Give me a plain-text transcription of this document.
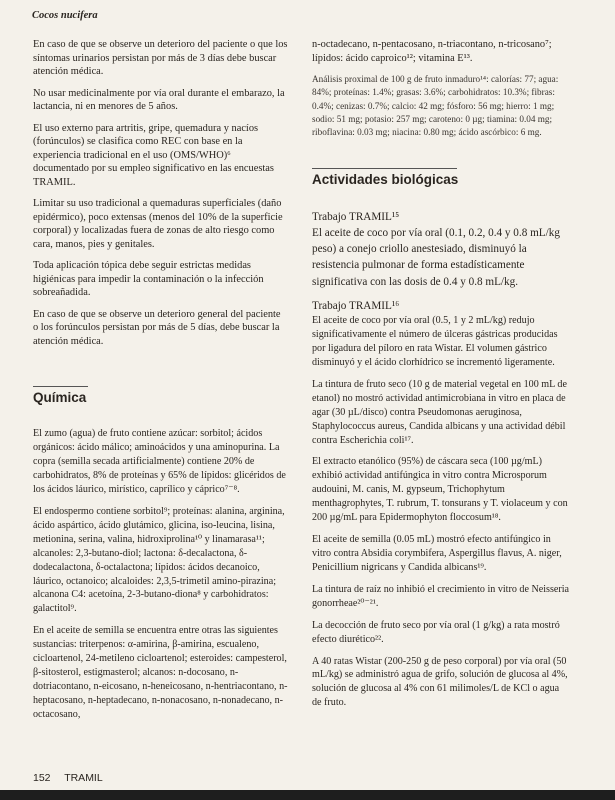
Cocos nucifera

En caso de que se observe un deterioro del paciente o que los síntomas urinarios persistan por más de 3 días debe buscar atención médica.

No usar medicinalmente por vía oral durante el embarazo, la lactancia, ni en menores de 5 años.

El uso externo para artritis, gripe, quemadura y nacíos (forúnculos) se clasifica como REC con base en la experiencia tradicional en el uso (OMS/WHO)⁶ documentado por su empleo significativo en las encuestas TRAMIL.

Limitar su uso tradicional a quemaduras superficiales (daño epidérmico), poco extensas (menos del 10% de la superficie corporal) y localizadas fuera de zonas de alto riesgo como cara, manos, pies y genitales.

Toda aplicación tópica debe seguir estrictas medidas higiénicas para impedir la contaminación o la infección sobreañadida.

En caso de que se observe un deterioro general del paciente o los forúnculos persistan por más de 5 días, debe buscar la atención médica.

Química

El zumo (agua) de fruto contiene azúcar: sorbitol; ácidos orgánicos: ácido málico; aminoácidos y una aminopurina. La copra (semilla secada artificialmente) contiene 20% de carbohidratos, 8% de proteínas y 65% de lípidos: glicéridos de los ácidos láurico, mirístico, caprílico y cáprico⁷⁻⁸.

El endospermo contiene sorbitol⁹; proteínas: alanina, arginina, ácido aspártico, ácido glutámico, glicina, iso-leucina, lisina, metionina, serina, valina, hidroxiprolina¹⁰ y linamarasa¹¹; alcanoles: 2,3-butano-diol; lactona: δ-decalactona, δ-dodecalactona, δ-octalactona; lípidos: ácidos decanoico, láurico, octanoico; alcaloides: 2,3,5-trimetil amino-pirazina; alcanona C4: acetoína, 2-3-butano-diona⁸ y carbohidratos: galactitol⁹.

En el aceite de semilla se encuentra entre otras las siguientes sustancias: triterpenos: α-amirina, β-amirina, escualeno, cicloartenol, 24-metileno cicloartenol; esteroides: campesterol, β-sitosterol, estigmasterol; alcanos: n-docosano, n-dotriacontano, n-eicosano, n-heneicosano, n-hentriacontano, n-heptacosano, n-heptadecano, n-nonacosano, n-nonadecano, n-octacosano,

n-octadecano, n-pentacosano, n-triacontano, n-tricosano⁷; lípidos: ácido caproico¹²; vitamina E¹³.

Análisis proximal de 100 g de fruto inmaduro¹⁴: calorías: 77; agua: 84%; proteínas: 1.4%; grasas: 3.6%; carbohidratos: 10.3%; fibras: 0.4%; cenizas: 0.7%; calcio: 42 mg; fósforo: 56 mg; hierro: 1 mg; sodio: 51 mg; potasio: 257 mg; caroteno: 0 µg; tiamina: 0.04 mg; riboflavina: 0.03 mg; niacina: 0.80 mg; ácido ascórbico: 6 mg.

Actividades biológicas

Trabajo TRAMIL¹⁵

El aceite de coco por vía oral (0.1, 0.2, 0.4 y 0.8 mL/kg peso) a conejo criollo anestesiado, disminuyó la resistencia pulmonar de forma estadísticamente significativa con las dosis de 0.4 y 0.8 mL/kg.

Trabajo TRAMIL¹⁶

El aceite de coco por vía oral (0.5, 1 y 2 mL/kg) redujo significativamente el número de úlceras gástricas producidas por ligadura del píloro en rata Wistar. El volumen gástrico disminuyó y el ácido clorhídrico se incrementó ligeramente.

La tintura de fruto seco (10 g de material vegetal en 100 mL de etanol) no mostró actividad antimicrobiana in vitro en placa de agar (30 µL/disco) contra Pseudomonas aeruginosa, Staphylococcus aureus, Candida albicans y una actividad débil contra Escherichia coli¹⁷.

El extracto etanólico (95%) de cáscara seca (100 µg/mL) exhibió actividad antifúngica in vitro contra Microsporum audouini, M. canis, M. gypseum, Trichophytum menthagrophytes, T. rubrum, T. tonsurans y T. violaceum y con 200 µg/mL para Epidermophyton floccosum¹⁸.

El aceite de semilla (0.05 mL) mostró efecto antifúngico in vitro contra Absidia corymbifera, Aspergillus flavus, A. niger, Penicillium nigricans y Candida albicans¹⁹.

La tintura de raíz no inhibió el crecimiento in vitro de Neisseria gonorrheae²⁰⁻²¹.

La decocción de fruto seco por vía oral (1 g/kg) a rata mostró efecto diurético²².

A 40 ratas Wistar (200-250 g de peso corporal) por vía oral (50 mL/kg) se administró agua de grifo, solución de glucosa al 4%, solución de glucosa al 4% con 61 milimoles/L de KCl o agua de fruto.

152 TRAMIL
